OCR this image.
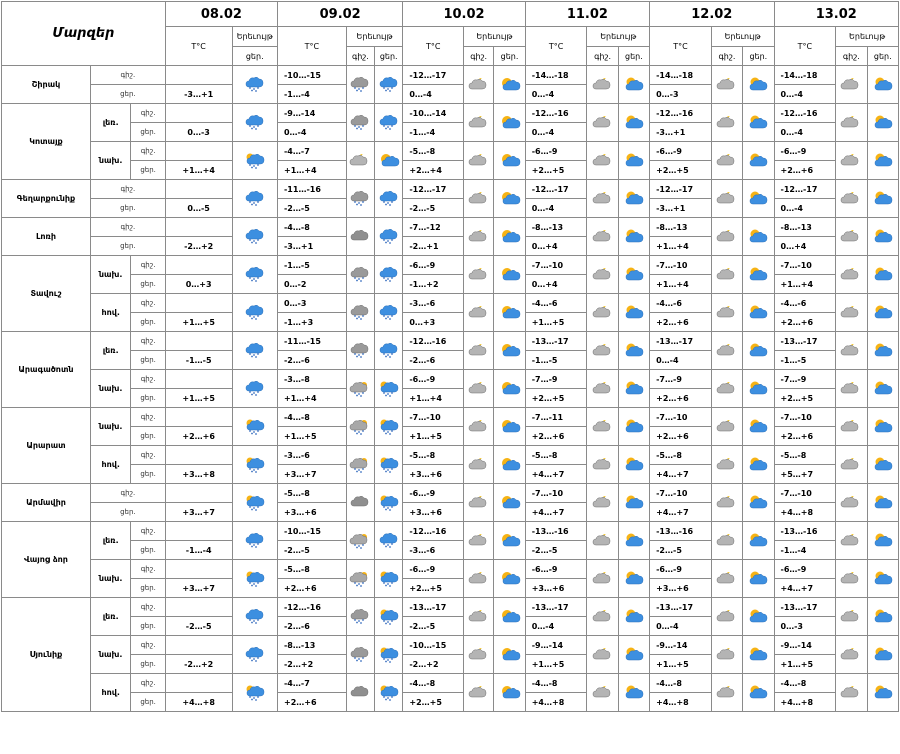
Մարզեր			08.02		09.02			10.02			11.02			12.02			13.02		
			T°C	Երեւույթ	T°C	Երեւույթ		T°C	Երեւույթ		T°C	Երեւույթ		T°C	Երեւույթ		T°C	Երեւույթ	
				ցեր.		գիշ.	ցեր.		գիշ.	ցեր.		գիշ.	ցեր.		գիշ.	ցեր.		գիշ.	ցեր.
Շիրակ	գիշ.				-10…-15			-12…-17			-14…-18			-14…-18			-14…-18	

	ցեր.		-3…+1		-1…-4			0…-4			0…-4			0…-3			0…-4		
Կոտայք	լեռ.	գիշ.			-9…-14			-10…-14			-12…-16			-12…-16			-12…-16	

		ցեր.	0…-3		0…-4			-1…-4			0…-4			-3…+1			0…-4		
	նախ.	գիշ.			-4…-7			-5…-8			-6…-9			-6…-9			-6…-9	

		ցեր.	+1…+4		+1…+4			+2…+4			+2…+5			+2…+5			+2…+6		
Գեղարքունիք	գիշ.				-11…-16			-12…-17			-12…-17			-12…-17			-12…-17	

	ցեր.		0…-5		-2…-5			-2…-5			0…-4			-3…+1			0…-4		
Լոռի	գիշ.				-4…-8			-7…-12			-8…-13			-8…-13			-8…-13	

	ցեր.		-2…+2		-3…+1			-2…+1			0…+4			+1…+4			0…+4		
Տավուշ	նախ.	գիշ.			-1…-5			-6…-9			-7…-10			-7…-10			-7…-10	

		ցեր.	0…+3		0…-2			-1…+2			0…+4			+1…+4			+1…+4		
	հով.	գիշ.			0…-3			-3…-6			-4…-6			-4…-6			-4…-6	

		ցեր.	+1…+5		-1…+3			0…+3			+1…+5			+2…+6			+2…+6		
Արագածոտն	լեռ.	գիշ.			-11…-15			-12…-16			-13…-17			-13…-17			-13…-17	

		ցեր.	-1…-5		-2…-6			-2…-6			-1…-5			0…-4			-1…-5		
	նախ.	գիշ.			-3…-8			-6…-9			-7…-9			-7…-9			-7…-9	

		ցեր.	+1…+5		+1…+4			+1…+4			+2…+5			+2…+6			+2…+5		
Արարատ	նախ.	գիշ.			-4…-8			-7…-10			-7…-11			-7…-10			-7…-10	

		ցեր.	+2…+6		+1…+5			+1…+5			+2…+6			+2…+6			+2…+6		
	հով.	գիշ.			-3…-6			-5…-8			-5…-8			-5…-8			-5…-8	

		ցեր.	+3…+8		+3…+7			+3…+6			+4…+7			+4…+7			+5…+7		
Արմավիր	գիշ.				-5…-8			-6…-9			-7…-10			-7…-10			-7…-10	

	ցեր.		+3…+7		+3…+6			+3…+6			+4…+7			+4…+7			+4…+8		
Վայոց ձոր	լեռ.	գիշ.			-10…-15			-12…-16			-13…-16			-13…-16			-13…-16	

		ցեր.	-1…-4		-2…-5			-3…-6			-2…-5			-2…-5			-1…-4		
	նախ.	գիշ.			-5…-8			-6…-9			-6…-9			-6…-9			-6…-9	

		ցեր.	+3…+7		+2…+6			+2…+5			+3…+6			+3…+6			+4…+7		
Սյունիք	լեռ.	գիշ.			-12…-16			-13…-17			-13…-17			-13…-17			-13…-17	

		ցեր.	-2…-5		-2…-6			-2…-5			0…-4			0…-4			0…-3		
	նախ.	գիշ.			-8…-13			-10…-15			-9…-14			-9…-14			-9…-14	

		ցեր.	-2…+2		-2…+2			-2…+2			+1…+5			+1…+5			+1…+5		
	հով.	գիշ.			-4…-7			-4…-8			-4…-8			-4…-8			-4…-8	

		ցեր.	+4…+8		+2…+6			+2…+5			+4…+8			+4…+8			+4…+8		
